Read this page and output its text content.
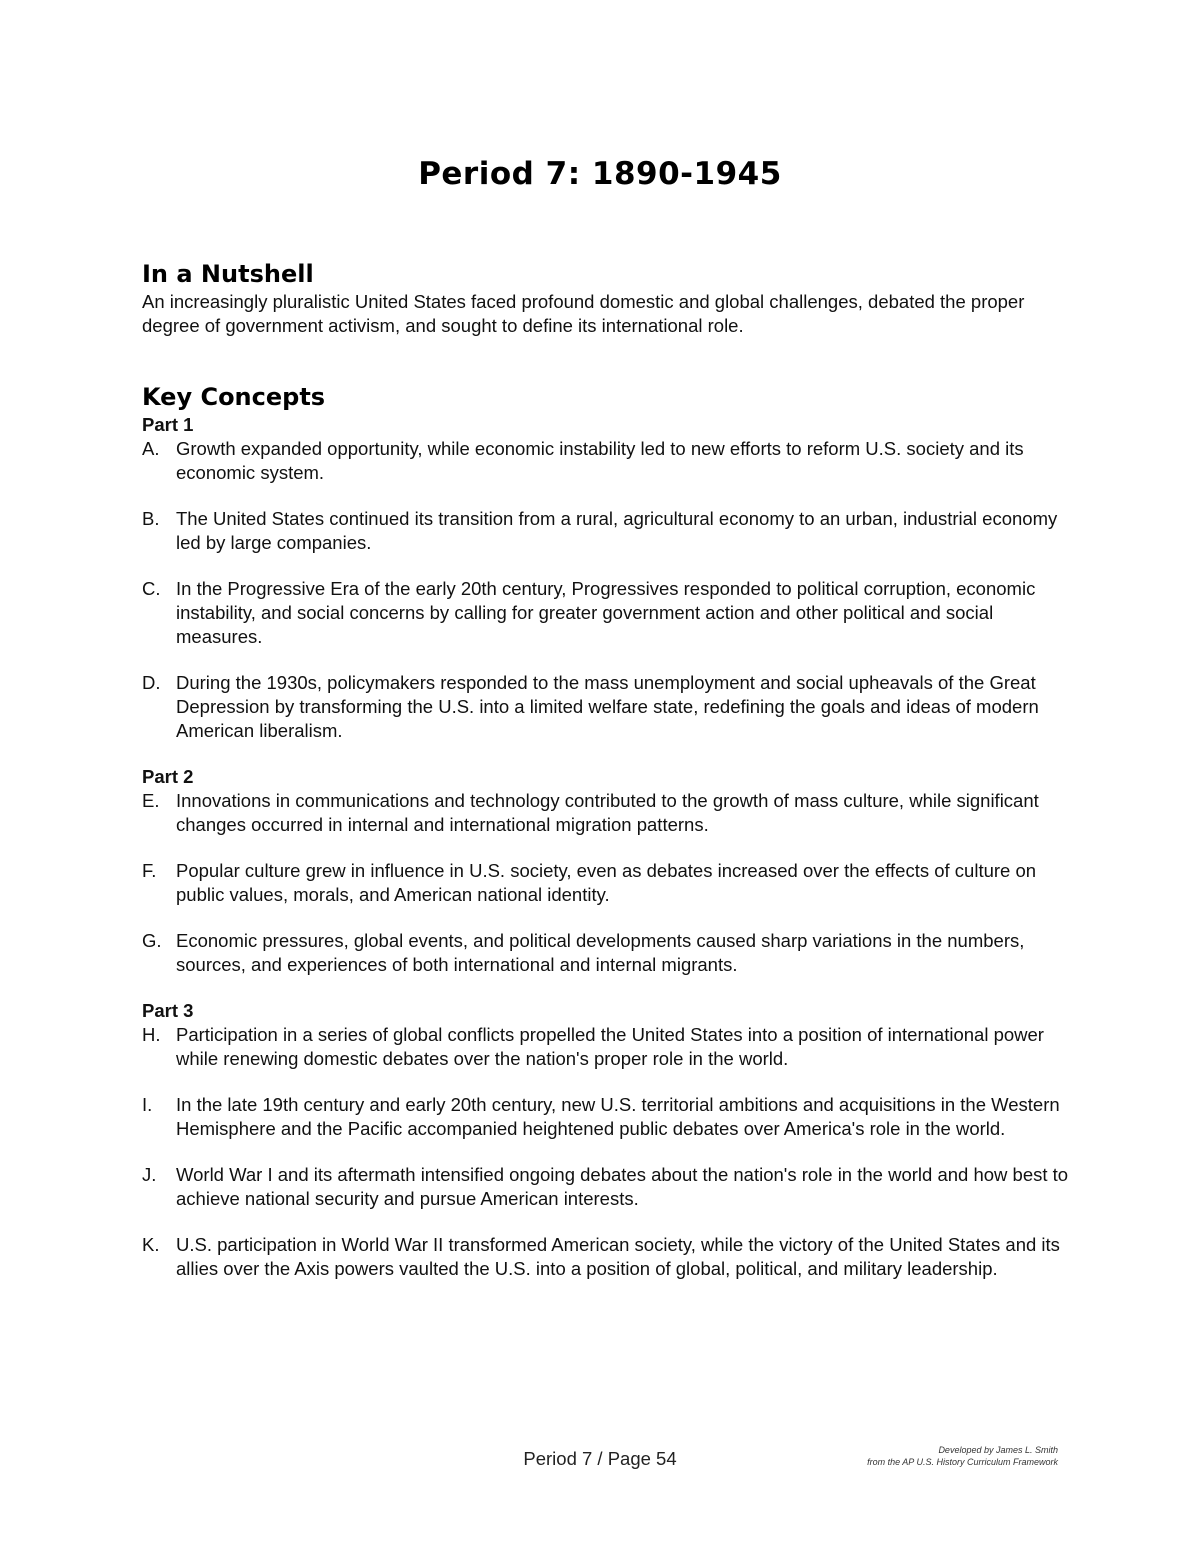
Period 7: 1890-1945
In a Nutshell

An increasingly pluralistic United States faced profound domestic and global challenges, debated the proper degree of government activism, and sought to define its international role.

Key Concepts
Part 1
A. Growth expanded opportunity, while economic instability led to new efforts to reform U.S. society and its economic system.
B. The United States continued its transition from a rural, agricultural economy to an urban, industrial economy led by large companies.
C. In the Progressive Era of the early 20th century, Progressives responded to political corruption, economic instability, and social concerns by calling for greater government action and other political and social measures.
D. During the 1930s, policymakers responded to the mass unemployment and social upheavals of the Great Depression by transforming the U.S. into a limited welfare state, redefining the goals and ideas of modern American liberalism.
Part 2
E. Innovations in communications and technology contributed to the growth of mass culture, while significant changes occurred in internal and international migration patterns.
F.	Popular culture grew in influence in U.S. society, even as debates increased over the effects of culture on public values, morals, and American national identity.
G. Economic pressures, global events, and political developments caused sharp variations in the numbers, sources, and experiences of both international and internal migrants.
Part 3
H. Participation in a series of global conflicts propelled the United States into a position of international power while renewing domestic debates over the nation's proper role in the world.
I.	In the late 19th century and early 20th century, new U.S. territorial ambitions and acquisitions in the Western Hemisphere and the Pacific accompanied heightened public debates over America's role in the world.
J.	World War I and its aftermath intensified ongoing debates about the nation's role in the world and how best to achieve national security and pursue American interests.
K. U.S. participation in World War II transformed American society, while the victory of the United States and its allies over the Axis powers vaulted the U.S. into a position of global, political, and military leadership.
Period 7 / Page 54	Developed by James L. Smith
from the AP U.S. History Curriculum Framework
